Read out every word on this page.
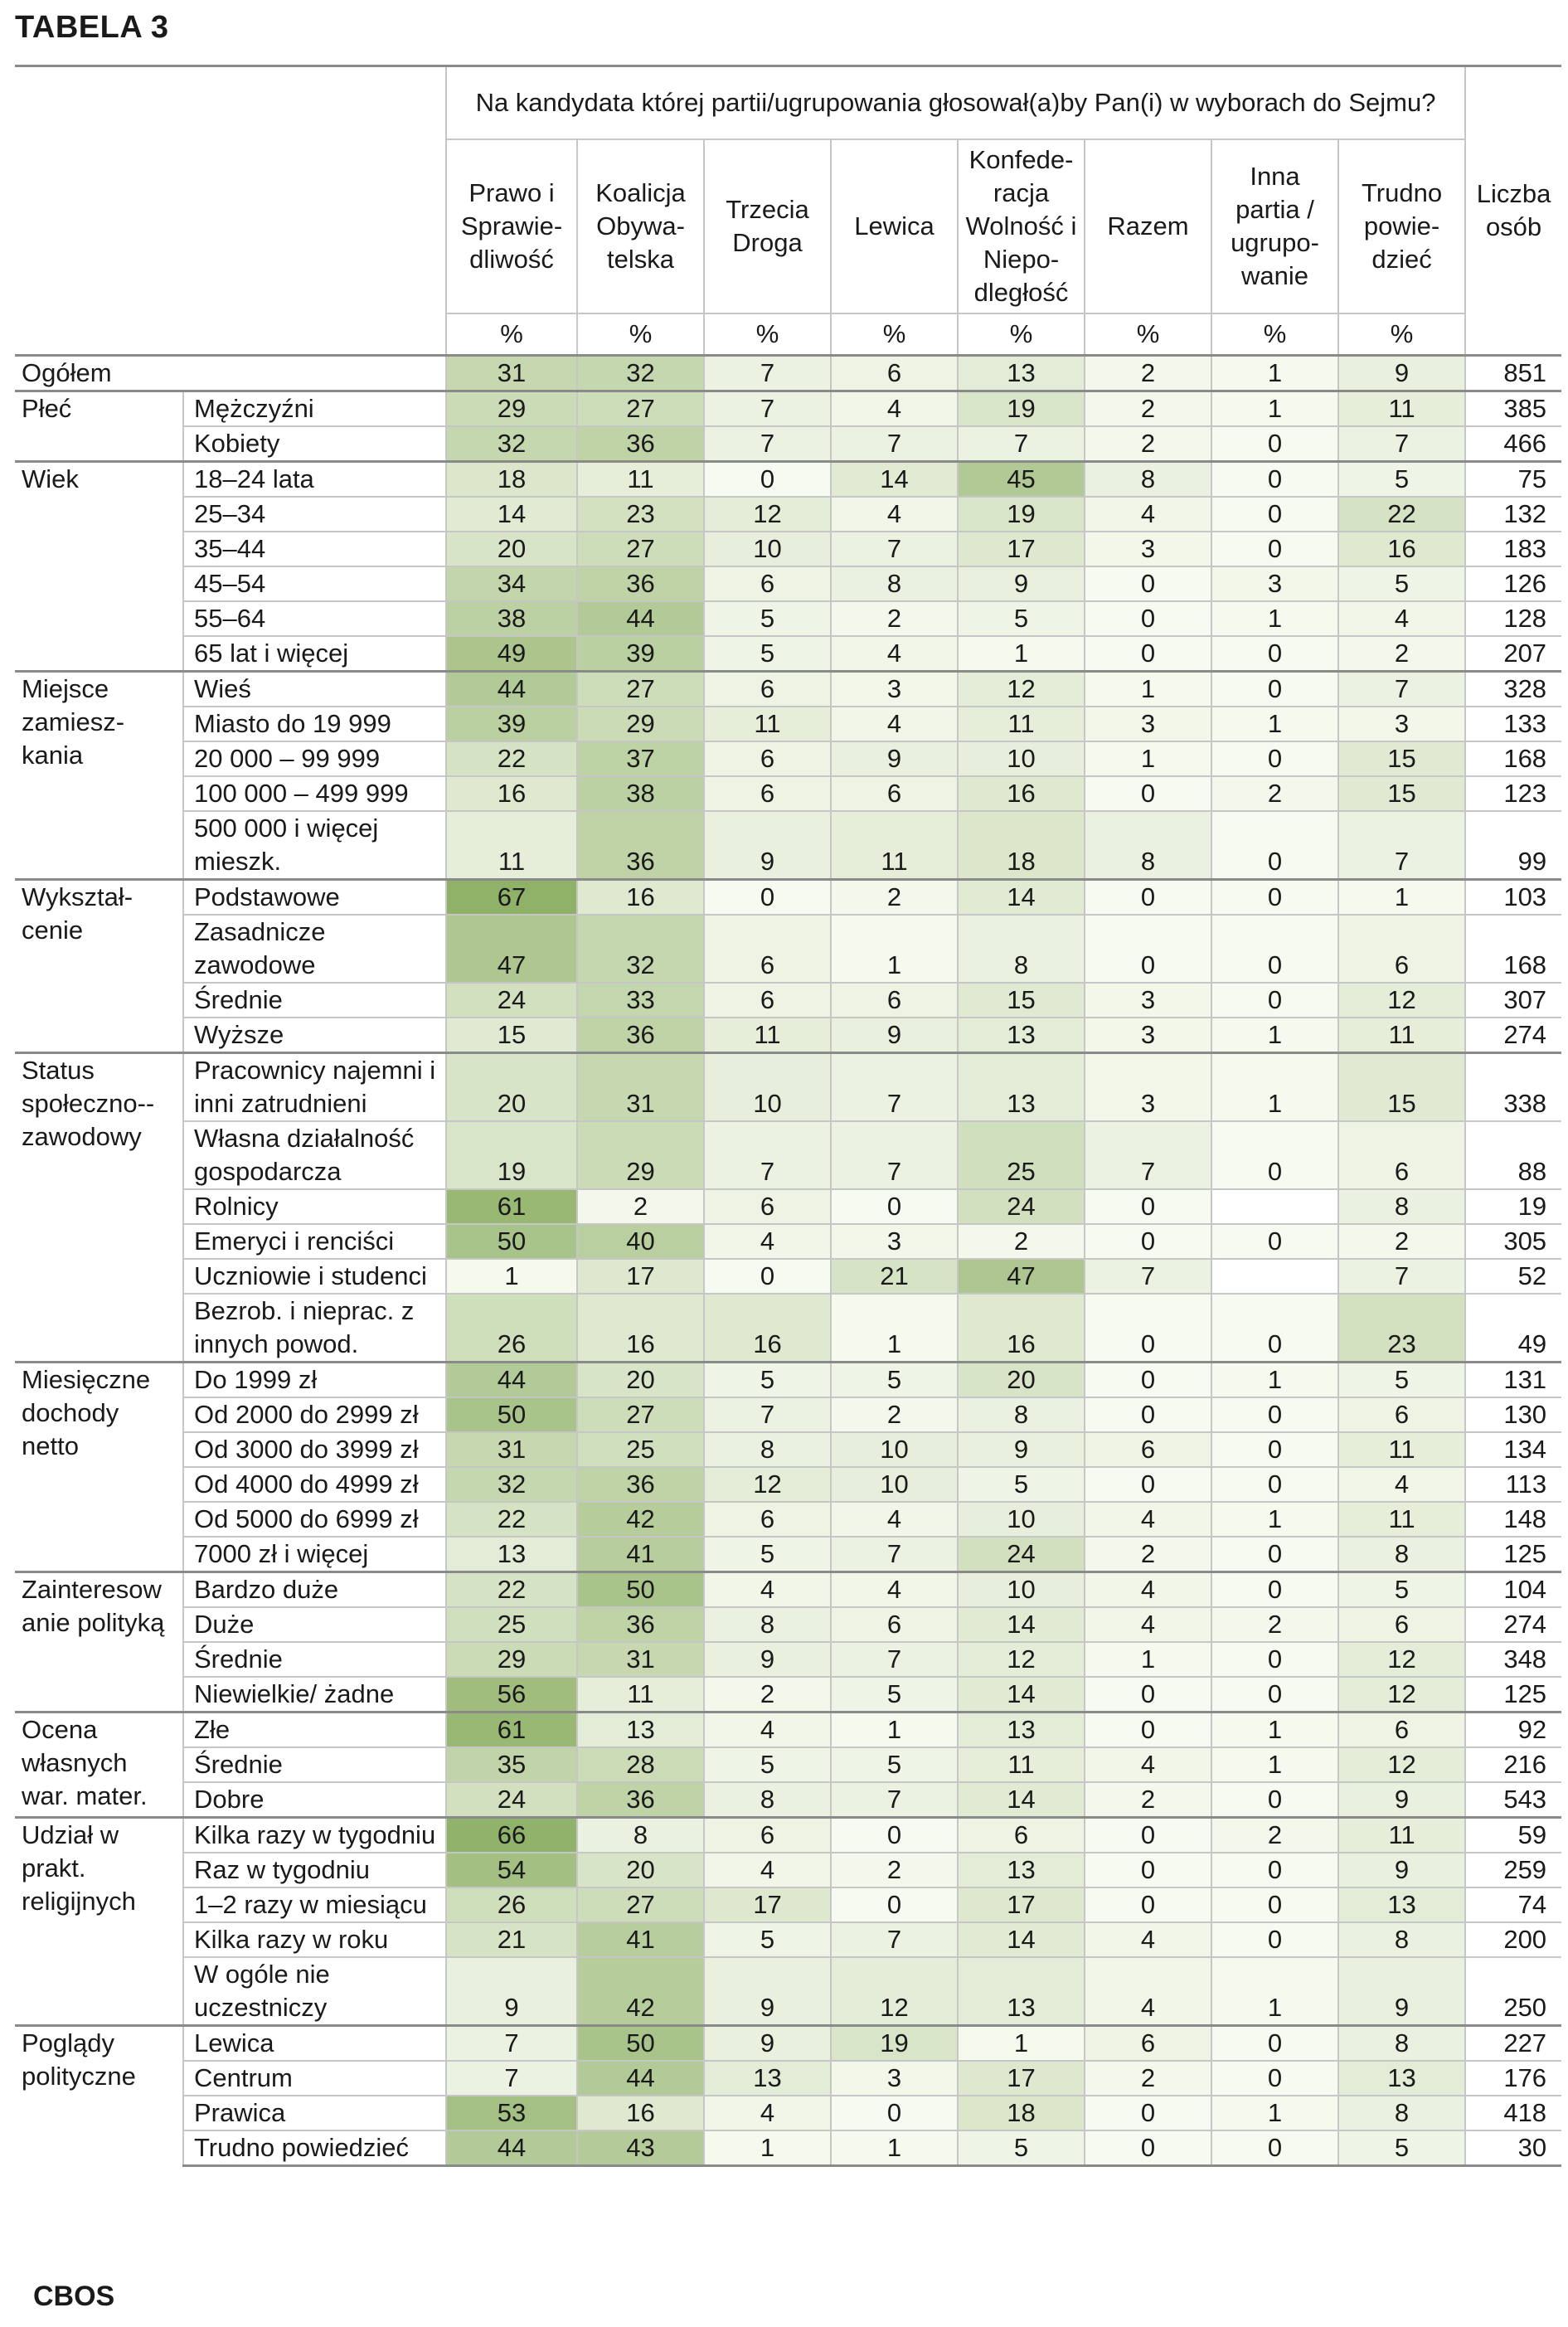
TABELA 3
		Na kandydata której partii/ugrupowania głosował(a)by Pan(i) w wyborach do Sejmu?								Liczba osób
		Prawo i Sprawie-dliwość	Koalicja Obywa-telska	Trzecia Droga	Lewica	Konfede-racja Wolność i Niepo-dległość	Razem	Inna partia / ugrupo-wanie	Trudno powie-dzieć	
		%	%	%	%	%	%	%	%	
Ogółem		31	32	7	6	13	2	1	9	851
Płeć	Mężczyźni	29	27	7	4	19	2	1	11	385
	Kobiety	32	36	7	7	7	2	0	7	466
Wiek	18–24 lata	18	11	0	14	45	8	0	5	75
	25–34	14	23	12	4	19	4	0	22	132
	35–44	20	27	10	7	17	3	0	16	183
	45–54	34	36	6	8	9	0	3	5	126
	55–64	38	44	5	2	5	0	1	4	128
	65 lat i więcej	49	39	5	4	1	0	0	2	207
Miejsce zamiesz-kania	Wieś	44	27	6	3	12	1	0	7	328
	Miasto do 19 999	39	29	11	4	11	3	1	3	133
	20 000 – 99 999	22	37	6	9	10	1	0	15	168
	100 000 – 499 999	16	38	6	6	16	0	2	15	123
	500 000 i więcej mieszk.	11	36	9	11	18	8	0	7	99
Wykształ-cenie	Podstawowe	67	16	0	2	14	0	0	1	103
	Zasadnicze zawodowe	47	32	6	1	8	0	0	6	168
	Średnie	24	33	6	6	15	3	0	12	307
	Wyższe	15	36	11	9	13	3	1	11	274
Status społeczno--zawodowy	Pracownicy najemni i inni zatrudnieni	20	31	10	7	13	3	1	15	338
	Własna działalność gospodarcza	19	29	7	7	25	7	0	6	88
	Rolnicy	61	2	6	0	24	0		8	19
	Emeryci i renciści	50	40	4	3	2	0	0	2	305
	Uczniowie i studenci	1	17	0	21	47	7		7	52
	Bezrob. i nieprac. z innych powod.	26	16	16	1	16	0	0	23	49
Miesięczne dochody netto	Do 1999 zł	44	20	5	5	20	0	1	5	131
	Od 2000 do 2999 zł	50	27	7	2	8	0	0	6	130
	Od 3000 do 3999 zł	31	25	8	10	9	6	0	11	134
	Od 4000 do 4999 zł	32	36	12	10	5	0	0	4	113
	Od 5000 do 6999 zł	22	42	6	4	10	4	1	11	148
	7000 zł i więcej	13	41	5	7	24	2	0	8	125
Zainteresow anie polityką	Bardzo duże	22	50	4	4	10	4	0	5	104
	Duże	25	36	8	6	14	4	2	6	274
	Średnie	29	31	9	7	12	1	0	12	348
	Niewielkie/ żadne	56	11	2	5	14	0	0	12	125
Ocena własnych war. mater.	Złe	61	13	4	1	13	0	1	6	92
	Średnie	35	28	5	5	11	4	1	12	216
	Dobre	24	36	8	7	14	2	0	9	543
Udział w prakt. religijnych	Kilka razy w tygodniu	66	8	6	0	6	0	2	11	59
	Raz w tygodniu	54	20	4	2	13	0	0	9	259
	1–2 razy w miesiącu	26	27	17	0	17	0	0	13	74
	Kilka razy w roku	21	41	5	7	14	4	0	8	200
	W ogóle nie uczestniczy	9	42	9	12	13	4	1	9	250
Poglądy polityczne	Lewica	7	50	9	19	1	6	0	8	227
	Centrum	7	44	13	3	17	2	0	13	176
	Prawica	53	16	4	0	18	0	1	8	418
	Trudno powiedzieć	44	43	1	1	5	0	0	5	30
CBOS
